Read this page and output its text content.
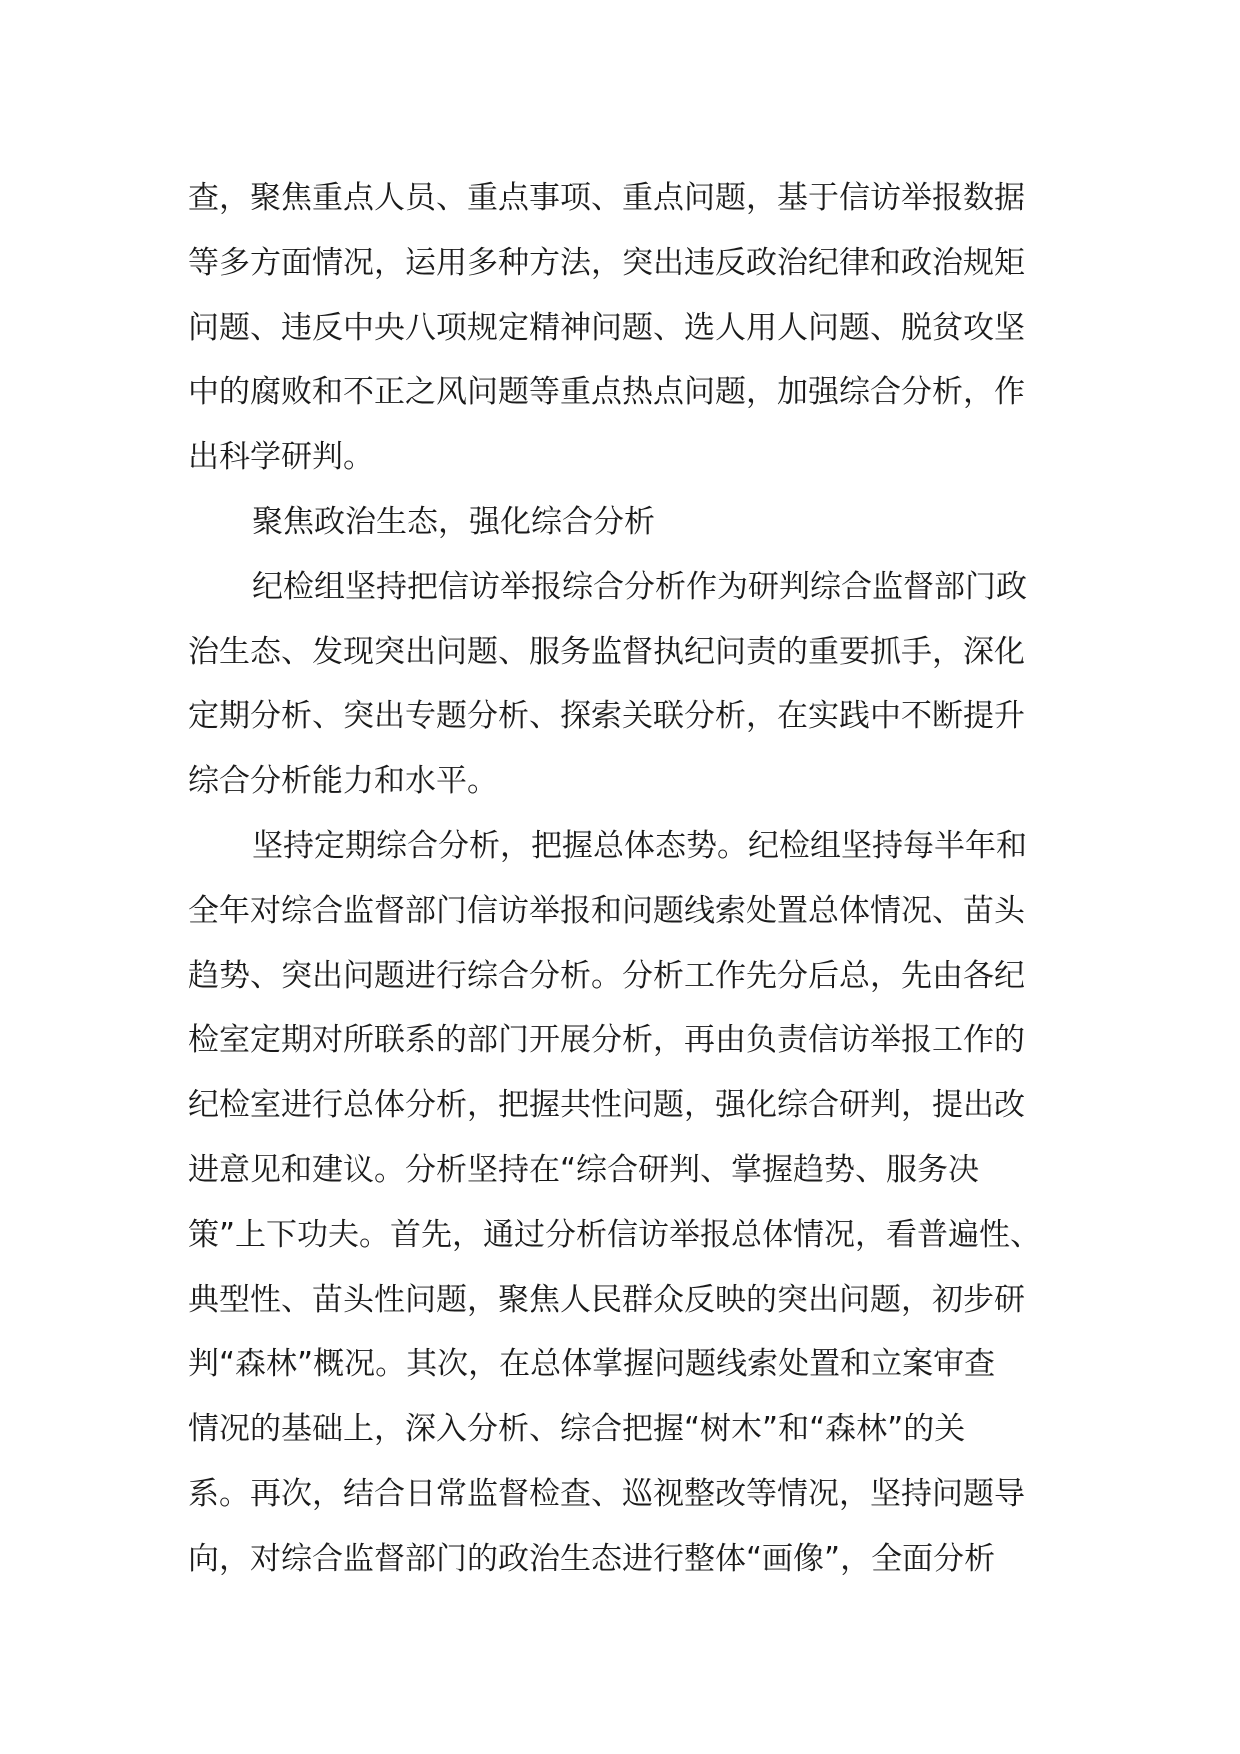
查，聚焦重点人员、重点事项、重点问题，基于信访举报数据
等多方面情况，运用多种方法，突出违反政治纪律和政治规矩
问题、违反中央八项规定精神问题、选人用人问题、脱贫攻坚
中的腐败和不正之风问题等重点热点问题，加强综合分析，作
出科学研判。
聚焦政治生态，强化综合分析
纪检组坚持把信访举报综合分析作为研判综合监督部门政
治生态、发现突出问题、服务监督执纪问责的重要抓手，深化
定期分析、突出专题分析、探索关联分析，在实践中不断提升
综合分析能力和水平。
坚持定期综合分析，把握总体态势。纪检组坚持每半年和
全年对综合监督部门信访举报和问题线索处置总体情况、苗头
趋势、突出问题进行综合分析。分析工作先分后总，先由各纪
检室定期对所联系的部门开展分析，再由负责信访举报工作的
纪检室进行总体分析，把握共性问题，强化综合研判，提出改
进意见和建议。分析坚持在“综合研判、掌握趋势、服务决
策”上下功夫。首先，通过分析信访举报总体情况，看普遍性、
典型性、苗头性问题，聚焦人民群众反映的突出问题，初步研
判“森林”概况。其次，在总体掌握问题线索处置和立案审查
情况的基础上，深入分析、综合把握“树木”和“森林”的关
系。再次，结合日常监督检查、巡视整改等情况，坚持问题导
向，对综合监督部门的政治生态进行整体“画像”，全面分析
